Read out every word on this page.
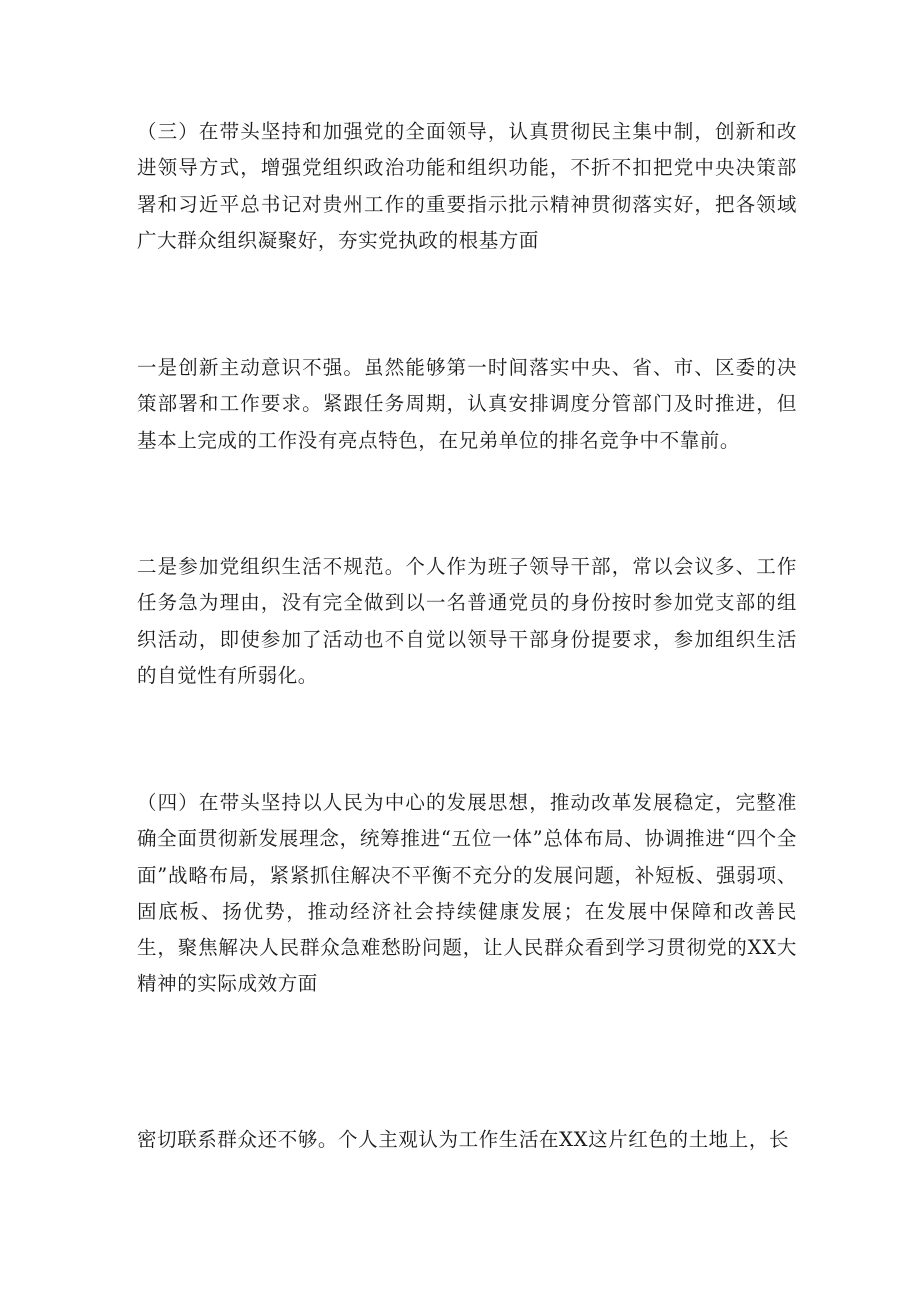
（三）在带头坚持和加强党的全面领导，认真贯彻民主集中制，创新和改进领导方式，增强党组织政治功能和组织功能，不折不扣把党中央决策部署和习近平总书记对贵州工作的重要指示批示精神贯彻落实好，把各领域广大群众组织凝聚好，夯实党执政的根基方面

一是创新主动意识不强。虽然能够第一时间落实中央、省、市、区委的决策部署和工作要求。紧跟任务周期，认真安排调度分管部门及时推进，但基本上完成的工作没有亮点特色，在兄弟单位的排名竞争中不靠前。

二是参加党组织生活不规范。个人作为班子领导干部，常以会议多、工作任务急为理由，没有完全做到以一名普通党员的身份按时参加党支部的组织活动，即使参加了活动也不自觉以领导干部身份提要求，参加组织生活的自觉性有所弱化。

（四）在带头坚持以人民为中心的发展思想，推动改革发展稳定，完整准确全面贯彻新发展理念，统筹推进“五位一体”总体布局、协调推进“四个全面”战略布局，紧紧抓住解决不平衡不充分的发展问题，补短板、强弱项、固底板、扬优势，推动经济社会持续健康发展；在发展中保障和改善民生，聚焦解决人民群众急难愁盼问题，让人民群众看到学习贯彻党的XX大精神的实际成效方面

密切联系群众还不够。个人主观认为工作生活在XX这片红色的土地上，长
